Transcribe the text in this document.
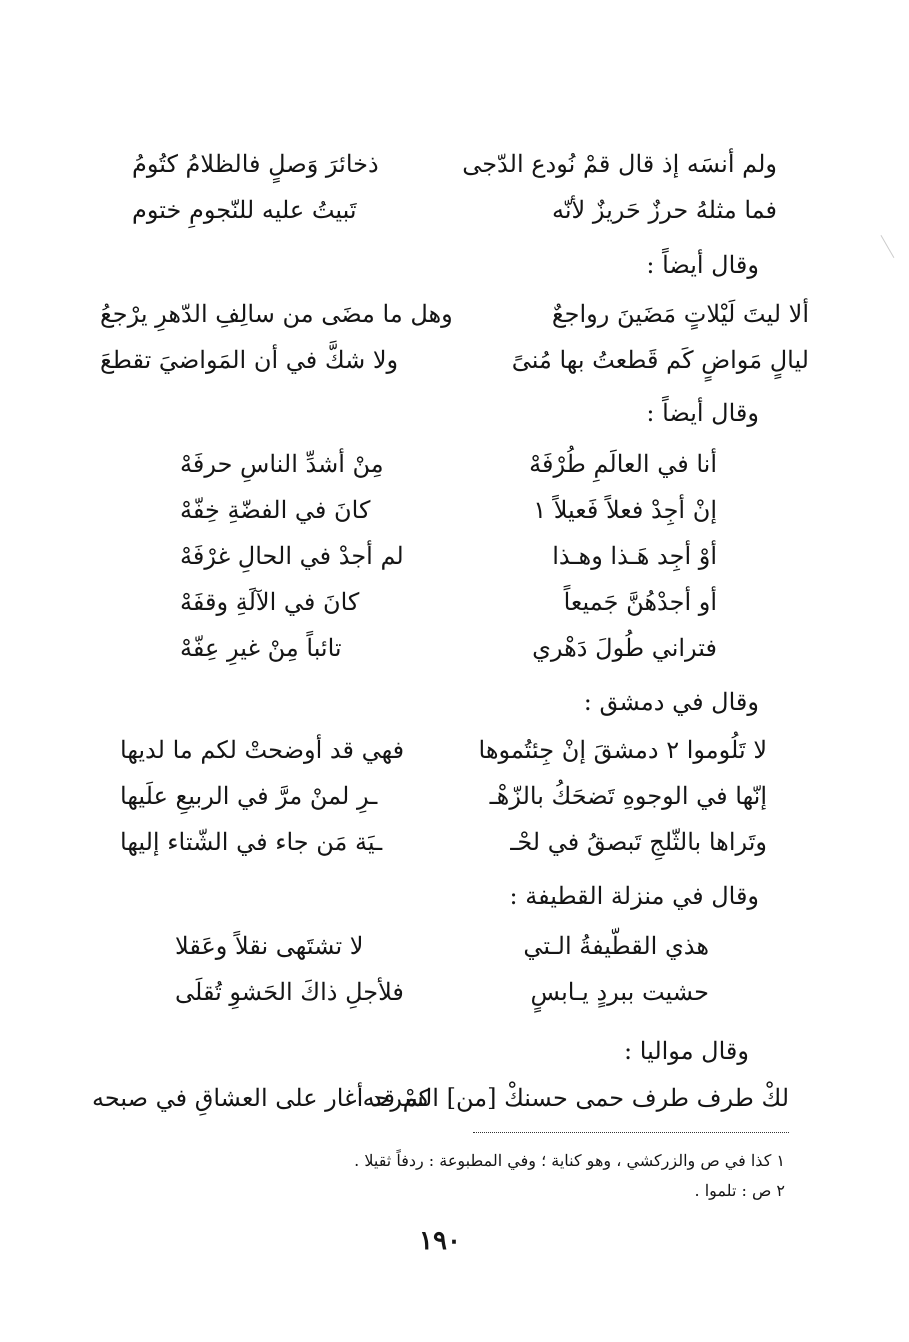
ولم أنسَه إذ قال قمْ نُودع الدّجى
ذخائرَ وَصلٍ فالظلامُ كتُومُ
فما مثلهُ حرزٌ حَريزٌ لأنّه
تَبيتُ عليه للنّجومِ ختوم
وقال أيضاً :
ألا ليتَ لَيْلاتٍ مَضَينَ رواجعٌ
وهل ما مضَى من سالِفِ الدّهرِ يرْجعُ
ليالٍ مَواضٍ كَم قَطعتُ بها مُنىً
ولا شكَّ في أن المَواضيَ تقطعَ
وقال أيضاً :
أنا في العالَمِ طُرْفَهْ
مِنْ أشدِّ الناسِ حرفَهْ
إنْ أجِدْ فعلاً فَعيلاً ١
كانَ في الفضّةِ خِفّهْ
أوْ أجِد هَـذا وهـذا
لم أجدْ في الحالِ غرْفَهْ
أو أجدْهُنَّ جَميعاً
كانَ في الآلَةِ وقفَهْ
فتراني طُولَ دَهْري
تائباً مِنْ غيرِ عِفّهْ
وقال في دمشق :
لا تَلُوموا ٢ دمشقَ إنْ جِئتُموها
فهي قد أوضحتْ لكم ما لديها
إنّها في الوجوهِ تَضحَكُ بالزّهْـ
ـرِ لمنْ مرَّ في الربيعِ علَيها
وتَراها بالثّلجِ تَبصقُ في لحْـ
ـيَة مَن جاء في الشّتاء إليها
وقال في منزلة القطيفة :
هذي القطّيفةُ الـتي
لا تشتَهى نقلاً وعَقلا
حشيت ببردٍ يـابسٍ
فلأجلِ ذاكَ الحَشوِ تُقلَى
وقال مواليا :
لكْ طرف طرف حمى حسنكْ [من] السرحه
كمْ قد أغار على العشاقِ في صبحه
١ كذا في ص والزركشي ، وهو كناية ؛ وفي المطبوعة : ردفاً ثقيلا .
٢ ص : تلموا .
١٩٠
